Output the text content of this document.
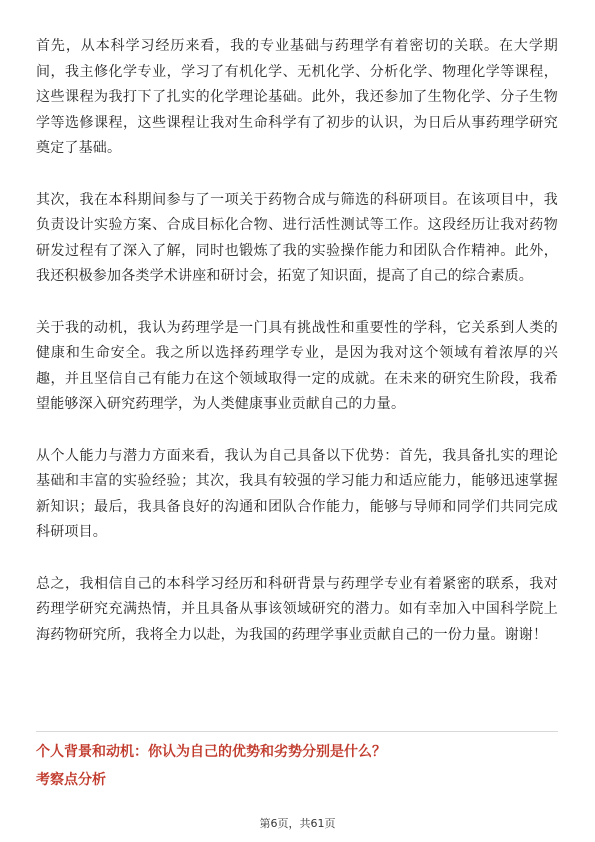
首先，从本科学习经历来看，我的专业基础与药理学有着密切的关联。在大学期间，我主修化学专业，学习了有机化学、无机化学、分析化学、物理化学等课程，这些课程为我打下了扎实的化学理论基础。此外，我还参加了生物化学、分子生物学等选修课程，这些课程让我对生命科学有了初步的认识，为日后从事药理学研究奠定了基础。

其次，我在本科期间参与了一项关于药物合成与筛选的科研项目。在该项目中，我负责设计实验方案、合成目标化合物、进行活性测试等工作。这段经历让我对药物研发过程有了深入了解，同时也锻炼了我的实验操作能力和团队合作精神。此外，我还积极参加各类学术讲座和研讨会，拓宽了知识面，提高了自己的综合素质。

关于我的动机，我认为药理学是一门具有挑战性和重要性的学科，它关系到人类的健康和生命安全。我之所以选择药理学专业，是因为我对这个领域有着浓厚的兴趣，并且坚信自己有能力在这个领域取得一定的成就。在未来的研究生阶段，我希望能够深入研究药理学，为人类健康事业贡献自己的力量。

从个人能力与潜力方面来看，我认为自己具备以下优势：首先，我具备扎实的理论基础和丰富的实验经验；其次，我具有较强的学习能力和适应能力，能够迅速掌握新知识；最后，我具备良好的沟通和团队合作能力，能够与导师和同学们共同完成科研项目。

总之，我相信自己的本科学习经历和科研背景与药理学专业有着紧密的联系，我对药理学研究充满热情，并且具备从事该领域研究的潜力。如有幸加入中国科学院上海药物研究所，我将全力以赴，为我国的药理学事业贡献自己的一份力量。谢谢！

个人背景和动机：你认为自己的优势和劣势分别是什么？
考察点分析
第6页，共61页
